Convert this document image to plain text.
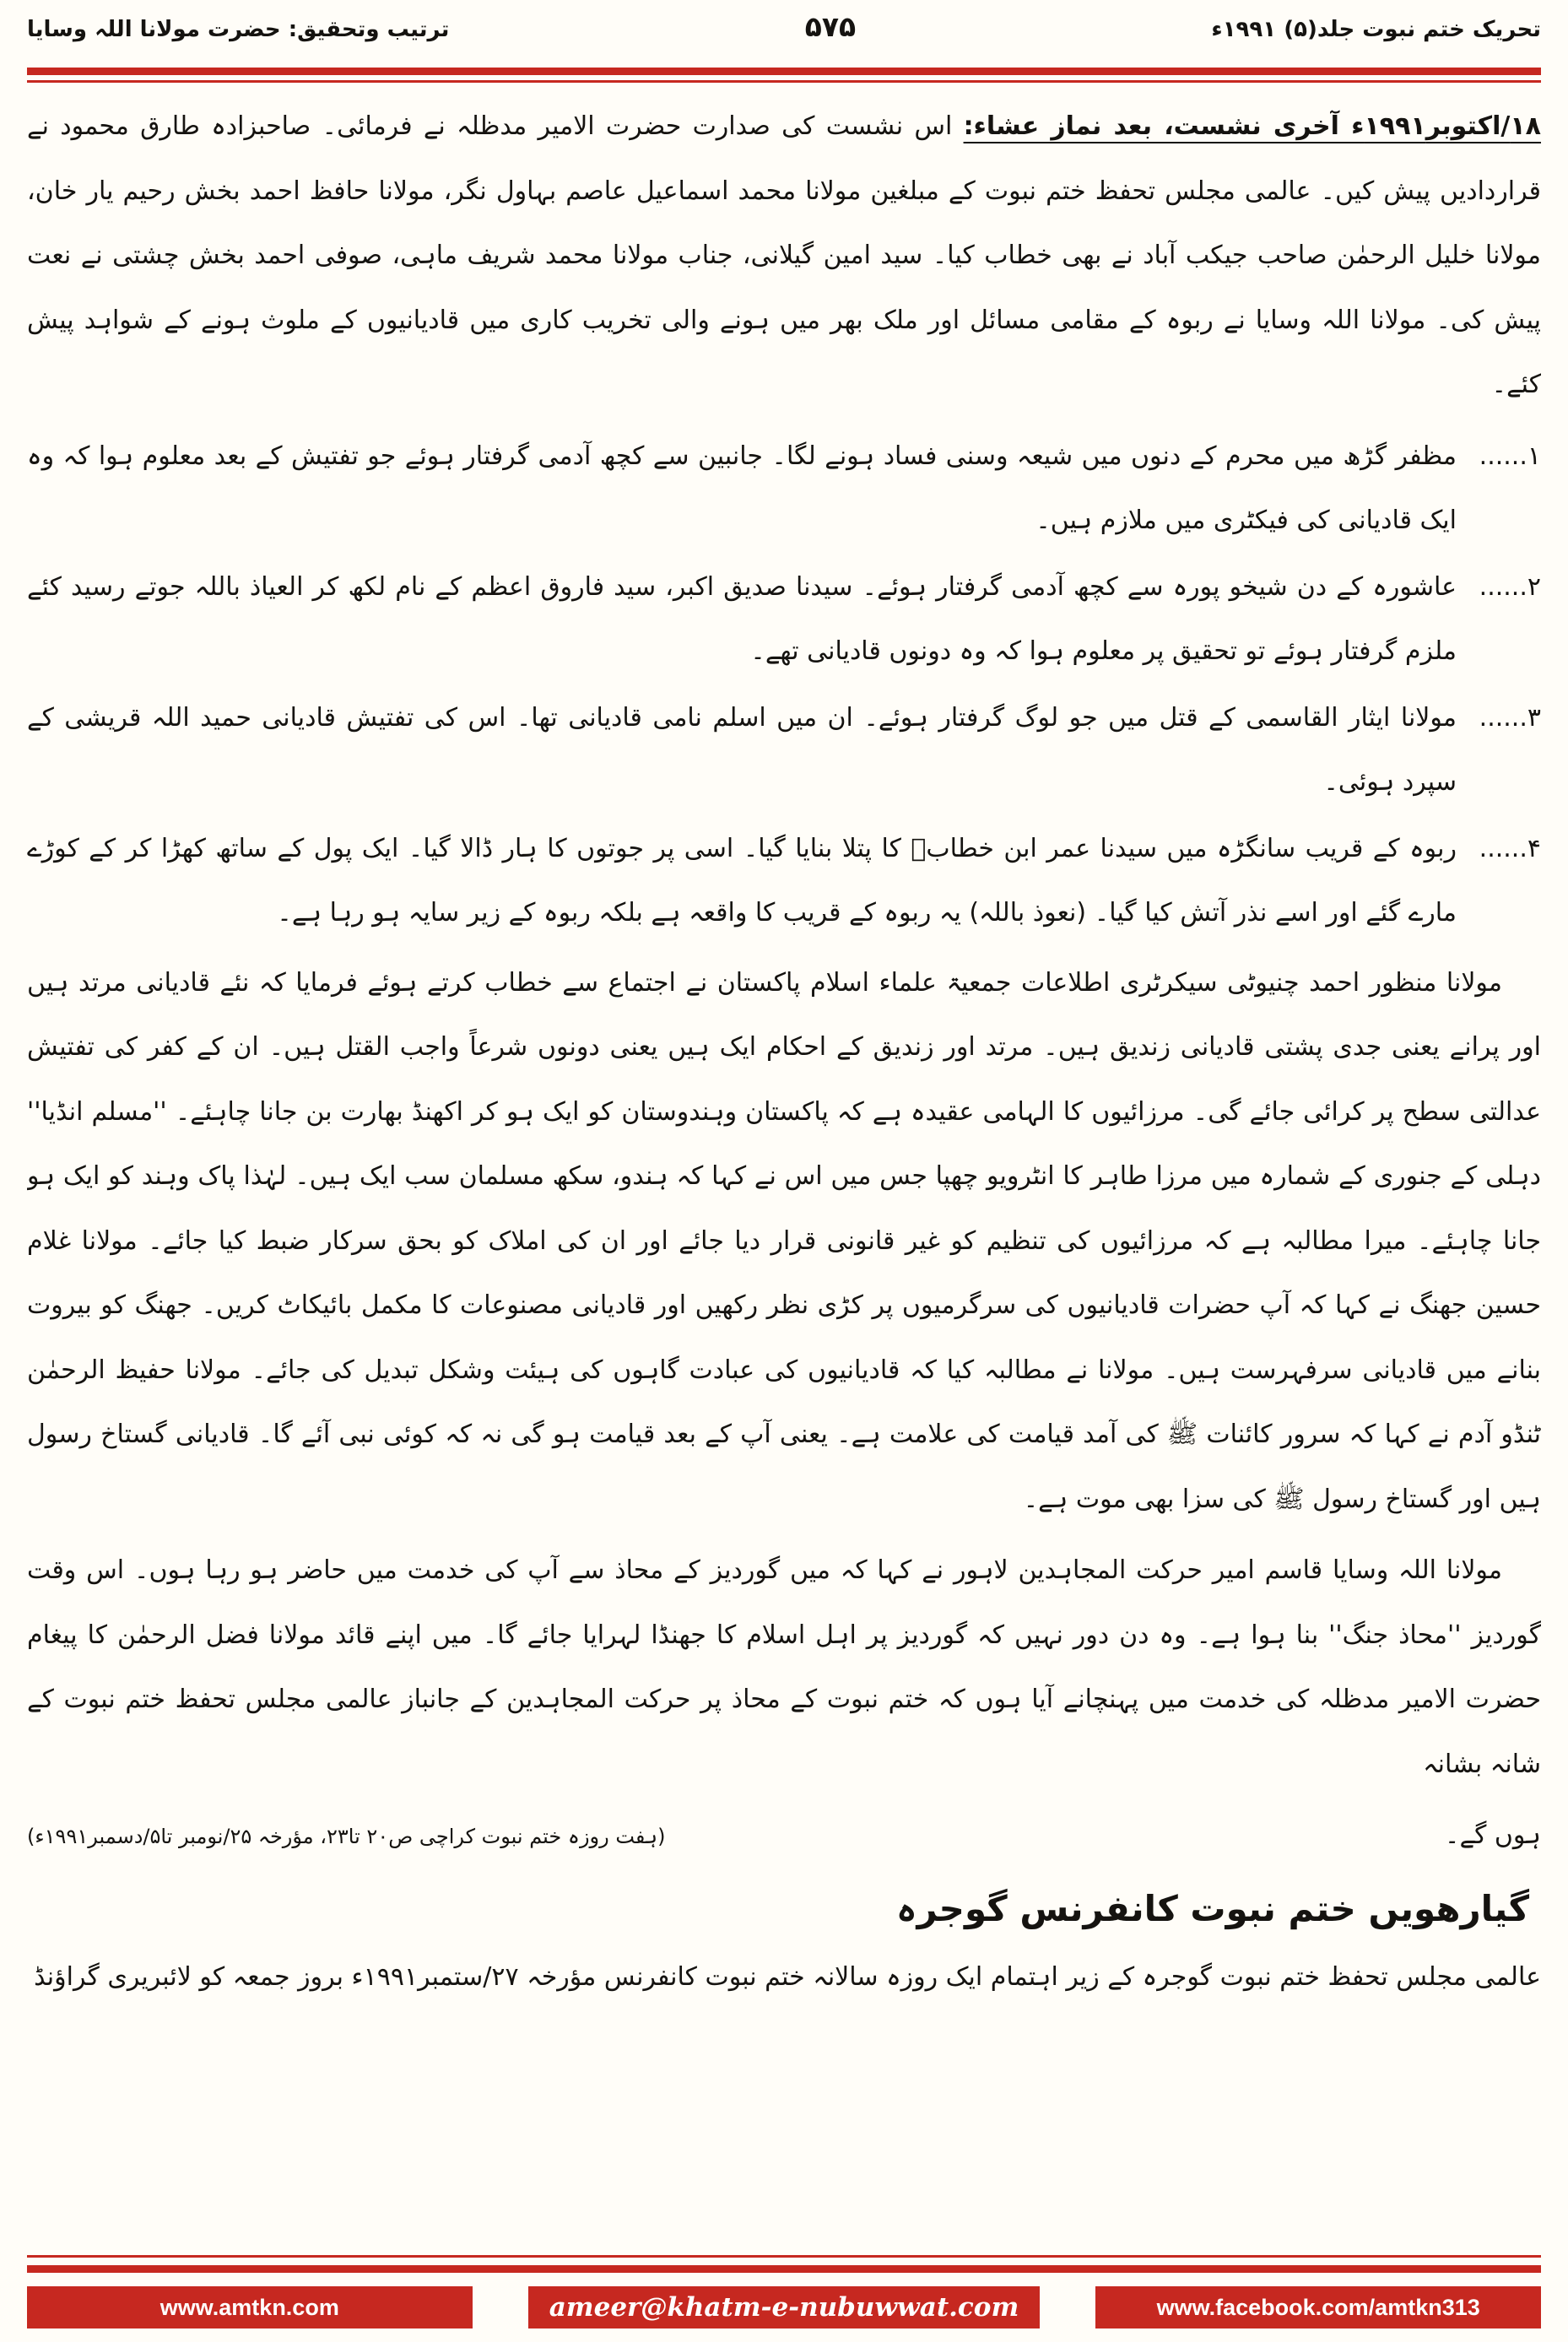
تحریک ختم نبوت جلد(۵) ۱۹۹۱ء
۵۷۵
ترتیب وتحقیق: حضرت مولانا اللہ وسایا

۱۸/اکتوبر۱۹۹۱ء آخری نشست، بعد نماز عشاء: اس نشست کی صدارت حضرت الامیر مدظلہ نے فرمائی۔ صاحبزادہ طارق محمود نے قراردادیں پیش کیں۔ عالمی مجلس تحفظ ختم نبوت کے مبلغین مولانا محمد اسماعیل عاصم بہاول نگر، مولانا حافظ احمد بخش رحیم یار خان، مولانا خلیل الرحمٰن صاحب جیکب آباد نے بھی خطاب کیا۔ سید امین گیلانی، جناب مولانا محمد شریف ماہی، صوفی احمد بخش چشتی نے نعت پیش کی۔ مولانا اللہ وسایا نے ربوہ کے مقامی مسائل اور ملک بھر میں ہونے والی تخریب کاری میں قادیانیوں کے ملوث ہونے کے شواہد پیش کئے۔

۱......
مظفر گڑھ میں محرم کے دنوں میں شیعہ وسنی فساد ہونے لگا۔ جانبین سے کچھ آدمی گرفتار ہوئے جو تفتیش کے بعد معلوم ہوا کہ وہ ایک قادیانی کی فیکٹری میں ملازم ہیں۔
۲......
عاشورہ کے دن شیخو پورہ سے کچھ آدمی گرفتار ہوئے۔ سیدنا صدیق اکبر، سید فاروق اعظم کے نام لکھ کر العیاذ باللہ جوتے رسید کئے ملزم گرفتار ہوئے تو تحقیق پر معلوم ہوا کہ وہ دونوں قادیانی تھے۔
۳......
مولانا ایثار القاسمی کے قتل میں جو لوگ گرفتار ہوئے۔ ان میں اسلم نامی قادیانی تھا۔ اس کی تفتیش قادیانی حمید اللہ قریشی کے سپرد ہوئی۔
۴......
ربوہ کے قریب سانگڑہ میں سیدنا عمر ابن خطابؓ کا پتلا بنایا گیا۔ اسی پر جوتوں کا ہار ڈالا گیا۔ ایک پول کے ساتھ کھڑا کر کے کوڑے مارے گئے اور اسے نذر آتش کیا گیا۔ (نعوذ باللہ) یہ ربوہ کے قریب کا واقعہ ہے بلکہ ربوہ کے زیر سایہ ہو رہا ہے۔

مولانا منظور احمد چنیوٹی سیکرٹری اطلاعات جمعیۃ علماء اسلام پاکستان نے اجتماع سے خطاب کرتے ہوئے فرمایا کہ نئے قادیانی مرتد ہیں اور پرانے یعنی جدی پشتی قادیانی زندیق ہیں۔ مرتد اور زندیق کے احکام ایک ہیں یعنی دونوں شرعاً واجب القتل ہیں۔ ان کے کفر کی تفتیش عدالتی سطح پر کرائی جائے گی۔ مرزائیوں کا الہامی عقیدہ ہے کہ پاکستان وہندوستان کو ایک ہو کر اکھنڈ بھارت بن جانا چاہئے۔ ''مسلم انڈیا'' دہلی کے جنوری کے شمارہ میں مرزا طاہر کا انٹرویو چھپا جس میں اس نے کہا کہ ہندو، سکھ مسلمان سب ایک ہیں۔ لہٰذا پاک وہند کو ایک ہو جانا چاہئے۔ میرا مطالبہ ہے کہ مرزائیوں کی تنظیم کو غیر قانونی قرار دیا جائے اور ان کی املاک کو بحق سرکار ضبط کیا جائے۔ مولانا غلام حسین جھنگ نے کہا کہ آپ حضرات قادیانیوں کی سرگرمیوں پر کڑی نظر رکھیں اور قادیانی مصنوعات کا مکمل بائیکاٹ کریں۔ جھنگ کو بیروت بنانے میں قادیانی سرفہرست ہیں۔ مولانا نے مطالبہ کیا کہ قادیانیوں کی عبادت گاہوں کی ہیئت وشکل تبدیل کی جائے۔ مولانا حفیظ الرحمٰن ٹنڈو آدم نے کہا کہ سرور کائنات ﷺ کی آمد قیامت کی علامت ہے۔ یعنی آپ کے بعد قیامت ہو گی نہ کہ کوئی نبی آئے گا۔ قادیانی گستاخ رسول ہیں اور گستاخ رسول ﷺ کی سزا بھی موت ہے۔

مولانا اللہ وسایا قاسم امیر حرکت المجاہدین لاہور نے کہا کہ میں گوردیز کے محاذ سے آپ کی خدمت میں حاضر ہو رہا ہوں۔ اس وقت گوردیز ''محاذ جنگ'' بنا ہوا ہے۔ وہ دن دور نہیں کہ گوردیز پر اہل اسلام کا جھنڈا لہرایا جائے گا۔ میں اپنے قائد مولانا فضل الرحمٰن کا پیغام حضرت الامیر مدظلہ کی خدمت میں پہنچانے آیا ہوں کہ ختم نبوت کے محاذ پر حرکت المجاہدین کے جانباز عالمی مجلس تحفظ ختم نبوت کے شانہ بشانہ

ہوں گے۔
(ہفت روزہ ختم نبوت کراچی ص۲۰ تا۲۳، مؤرخہ ۲۵/نومبر تا۵/دسمبر۱۹۹۱ء)
گیارھویں ختم نبوت کانفرنس گوجرہ

عالمی مجلس تحفظ ختم نبوت گوجرہ کے زیر اہتمام ایک روزہ سالانہ ختم نبوت کانفرنس مؤرخہ ۲۷/ستمبر۱۹۹۱ء بروز جمعہ کو لائبریری گراؤنڈ

www.amtkn.com	ameer@khatm-e-nubuwwat.com	www.facebook.com/amtkn313
